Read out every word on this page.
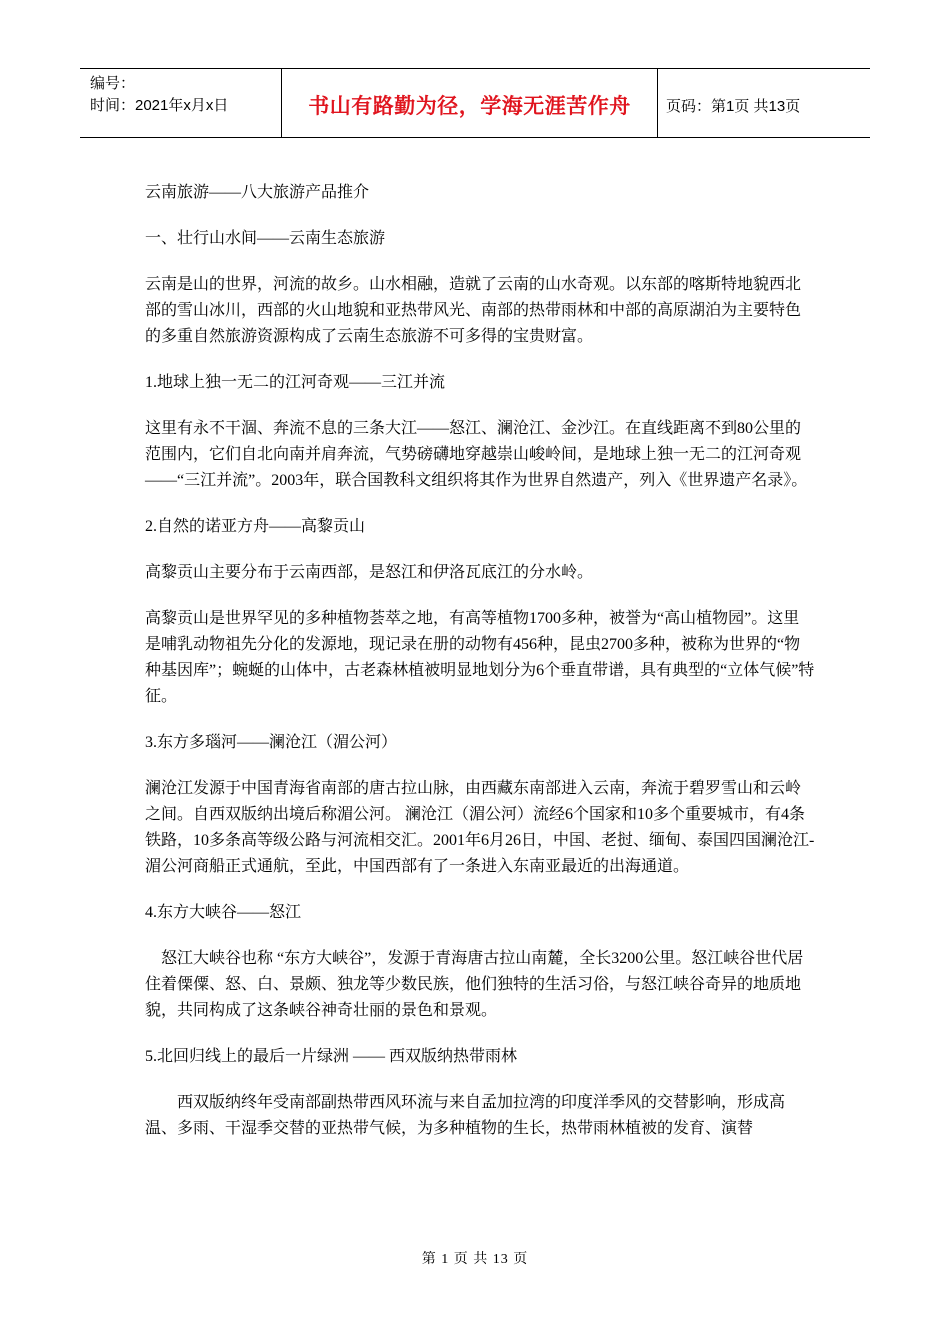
编号：
时间：2021年x月x日	书山有路勤为径，学海无涯苦作舟	页码：第1页 共13页

云南旅游——八大旅游产品推介

一、壮行山水间——云南生态旅游

云南是山的世界，河流的故乡。山水相融，造就了云南的山水奇观。以东部的喀斯特地貌西北部的雪山冰川，西部的火山地貌和亚热带风光、南部的热带雨林和中部的高原湖泊为主要特色的多重自然旅游资源构成了云南生态旅游不可多得的宝贵财富。

1.地球上独一无二的江河奇观——三江并流

这里有永不干涸、奔流不息的三条大江——怒江、澜沧江、金沙江。在直线距离不到80公里的范围内，它们自北向南并肩奔流，气势磅礴地穿越崇山峻岭间，是地球上独一无二的江河奇观——“三江并流”。2003年，联合国教科文组织将其作为世界自然遗产，列入《世界遗产名录》。

2.自然的诺亚方舟——高黎贡山

高黎贡山主要分布于云南西部，是怒江和伊洛瓦底江的分水岭。

高黎贡山是世界罕见的多种植物荟萃之地，有高等植物1700多种，被誉为“高山植物园”。这里是哺乳动物祖先分化的发源地，现记录在册的动物有456种，昆虫2700多种，被称为世界的“物种基因库”；蜿蜒的山体中，古老森林植被明显地划分为6个垂直带谱，具有典型的“立体气候”特征。

3.东方多瑙河——澜沧江（湄公河）

澜沧江发源于中国青海省南部的唐古拉山脉，由西藏东南部进入云南，奔流于碧罗雪山和云岭之间。自西双版纳出境后称湄公河。 澜沧江（湄公河）流经6个国家和10多个重要城市，有4条铁路，10多条高等级公路与河流相交汇。2001年6月26日，中国、老挝、缅甸、泰国四国澜沧江-湄公河商船正式通航，至此，中国西部有了一条进入东南亚最近的出海通道。

4.东方大峡谷——怒江

怒江大峡谷也称 “东方大峡谷”，发源于青海唐古拉山南麓，全长3200公里。怒江峡谷世代居住着傈僳、怒、白、景颇、独龙等少数民族，他们独特的生活习俗，与怒江峡谷奇异的地质地貌，共同构成了这条峡谷神奇壮丽的景色和景观。

5.北回归线上的最后一片绿洲 —— 西双版纳热带雨林

西双版纳终年受南部副热带西风环流与来自孟加拉湾的印度洋季风的交替影响，形成高温、多雨、干湿季交替的亚热带气候，为多种植物的生长，热带雨林植被的发育、演替

第 1 页 共 13 页
